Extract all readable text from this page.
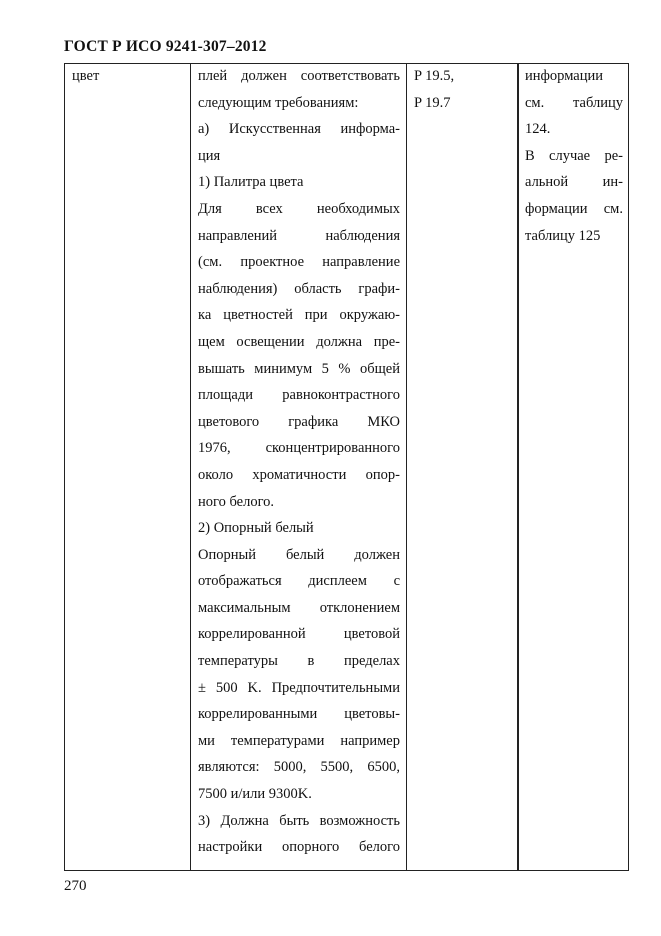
ГОСТ Р ИСО 9241-307–2012
цвет	плей должен соответствовать
следующим требованиям:
а) Искусственная информа-
ция
1) Палитра цвета
Для всех необходимых
направлений наблюдения
(см. проектное направление
наблюдения) область графи-
ка цветностей при окружаю-
щем освещении должна пре-
вышать минимум 5 % общей
площади равноконтрастного
цветового графика МКО
1976, сконцентрированного
около хроматичности опор-
ного белого.
2) Опорный белый
Опорный белый должен
отображаться дисплеем с
максимальным отклонением
коррелированной цветовой
температуры в пределах
± 500 K. Предпочтительными
коррелированными цветовы-
ми температурами например
являются: 5000, 5500, 6500,
7500 и/или 9300K.
3) Должна быть возможность
настройки опорного белого
P 19.5,
P 19.7
информации
см. таблицу
124.
В случае ре-
альной ин-
формации см.
таблицу 125
270
